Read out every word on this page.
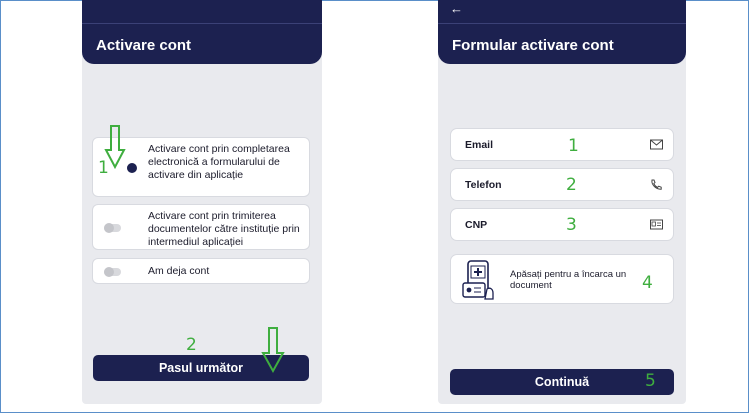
Activare cont
Activare cont prin completarea electronică a formularului de activare din aplicație
Activare cont prin trimiterea documentelor către instituție prin intermediul aplicației
Am deja cont
Pasul următor
←
Formular activare cont
Email
Telefon
CNP
Apăsați pentru a încarca un document
Continuă
1
2
1
2
3
4
5
